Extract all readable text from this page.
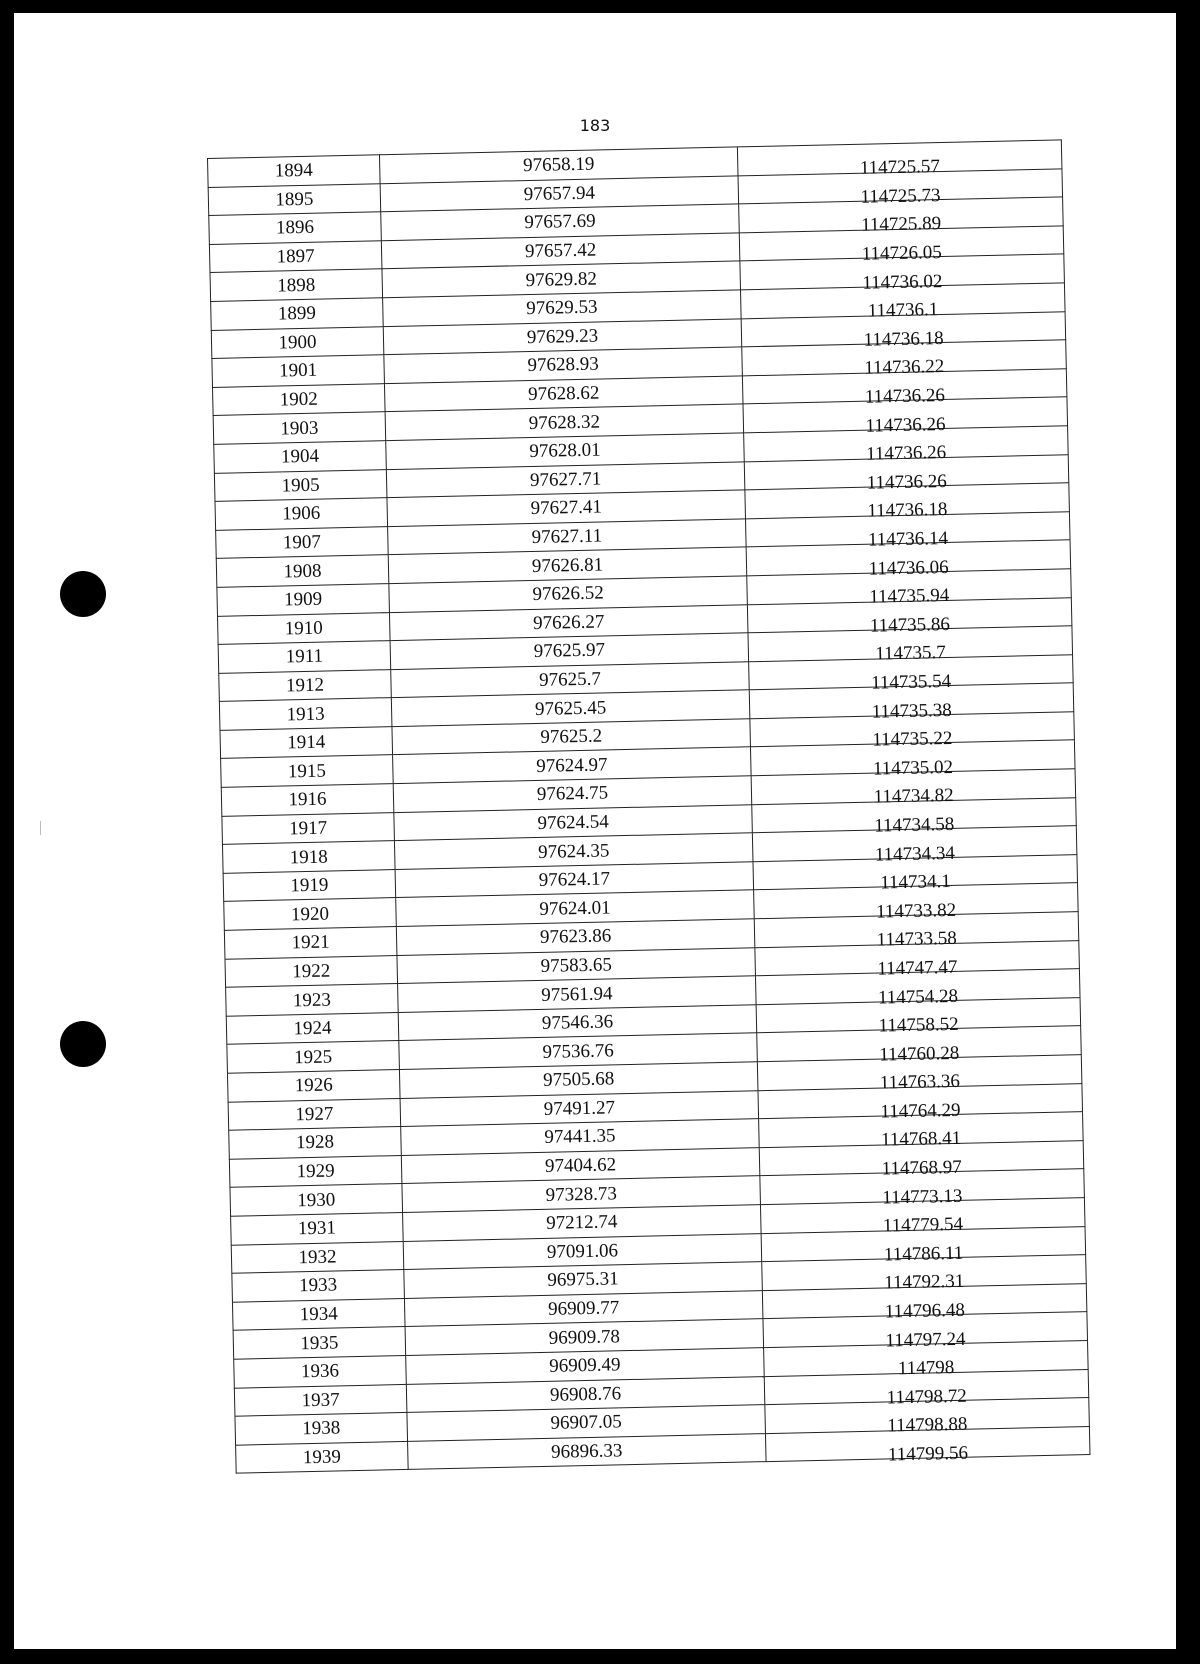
183
1894	97658.19	114725.57
1895	97657.94	114725.73
1896	97657.69	114725.89
1897	97657.42	114726.05
1898	97629.82	114736.02
1899	97629.53	114736.1
1900	97629.23	114736.18
1901	97628.93	114736.22
1902	97628.62	114736.26
1903	97628.32	114736.26
1904	97628.01	114736.26
1905	97627.71	114736.26
1906	97627.41	114736.18
1907	97627.11	114736.14
1908	97626.81	114736.06
1909	97626.52	114735.94
1910	97626.27	114735.86
1911	97625.97	114735.7
1912	97625.7	114735.54
1913	97625.45	114735.38
1914	97625.2	114735.22
1915	97624.97	114735.02
1916	97624.75	114734.82
1917	97624.54	114734.58
1918	97624.35	114734.34
1919	97624.17	114734.1
1920	97624.01	114733.82
1921	97623.86	114733.58
1922	97583.65	114747.47
1923	97561.94	114754.28
1924	97546.36	114758.52
1925	97536.76	114760.28
1926	97505.68	114763.36
1927	97491.27	114764.29
1928	97441.35	114768.41
1929	97404.62	114768.97
1930	97328.73	114773.13
1931	97212.74	114779.54
1932	97091.06	114786.11
1933	96975.31	114792.31
1934	96909.77	114796.48
1935	96909.78	114797.24
1936	96909.49	114798
1937	96908.76	114798.72
1938	96907.05	114798.88
1939	96896.33	114799.56
